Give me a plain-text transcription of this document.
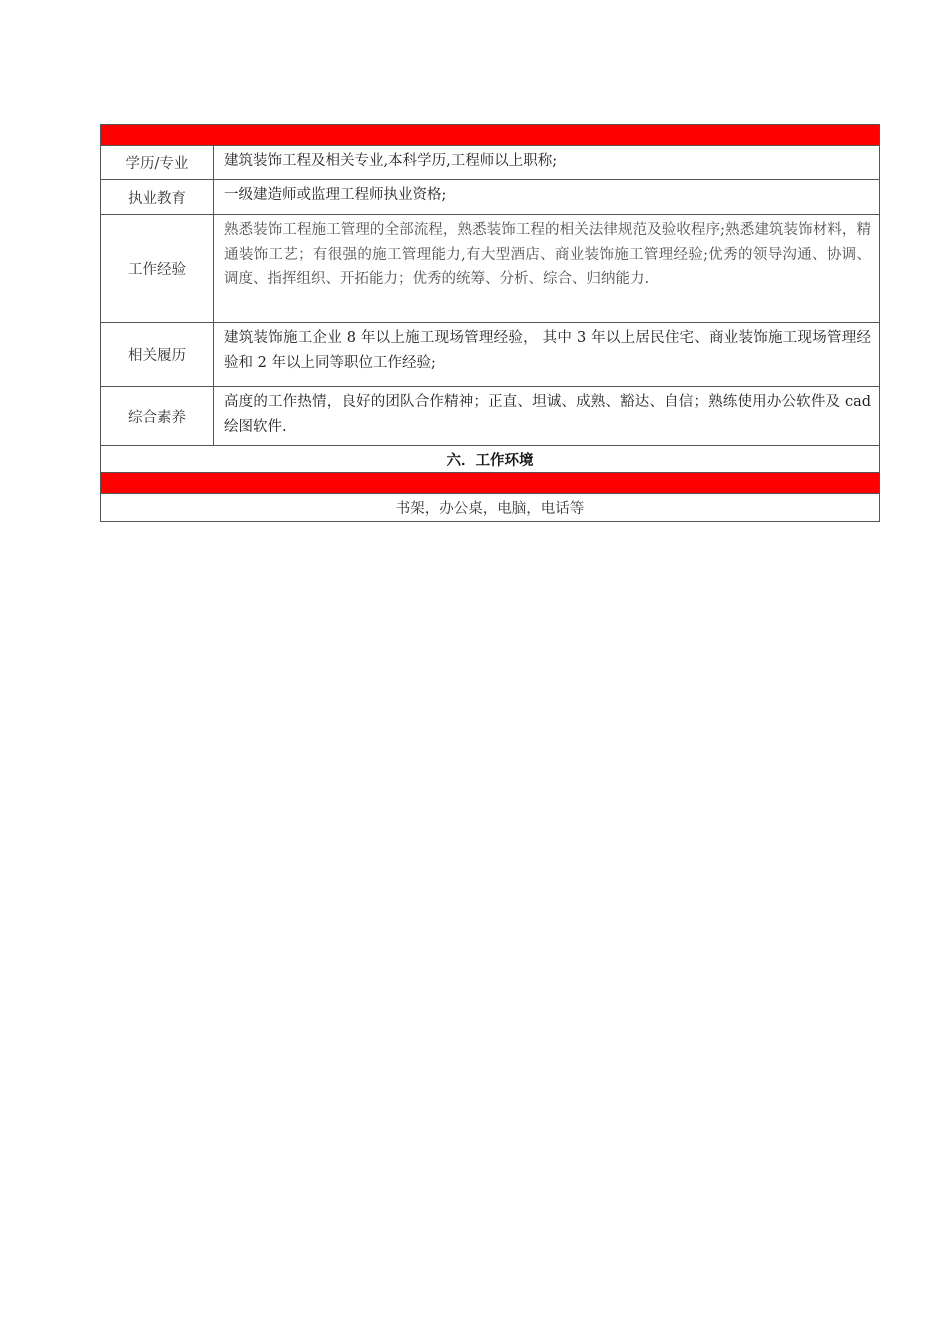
学历/专业	建筑装饰工程及相关专业,本科学历,工程师以上职称;
执业教育	一级建造师或监理工程师执业资格;
工作经验	熟悉装饰工程施工管理的全部流程，熟悉装饰工程的相关法律规范及验收程序;熟悉建筑装饰材料，精通装饰工艺；有很强的施工管理能力,有大型酒店、商业装饰施工管理经验;优秀的领导沟通、协调、调度、指挥组织、开拓能力；优秀的统筹、分析、综合、归纳能力.
相关履历	建筑装饰施工企业 8 年以上施工现场管理经验， 其中 3 年以上居民住宅、商业装饰施工现场管理经验和 2 年以上同等职位工作经验;
综合素养	高度的工作热情，良好的团队合作精神；正直、坦诚、成熟、豁达、自信；熟练使用办公软件及 cad 绘图软件.
六．工作环境	

书架，办公桌，电脑，电话等	
